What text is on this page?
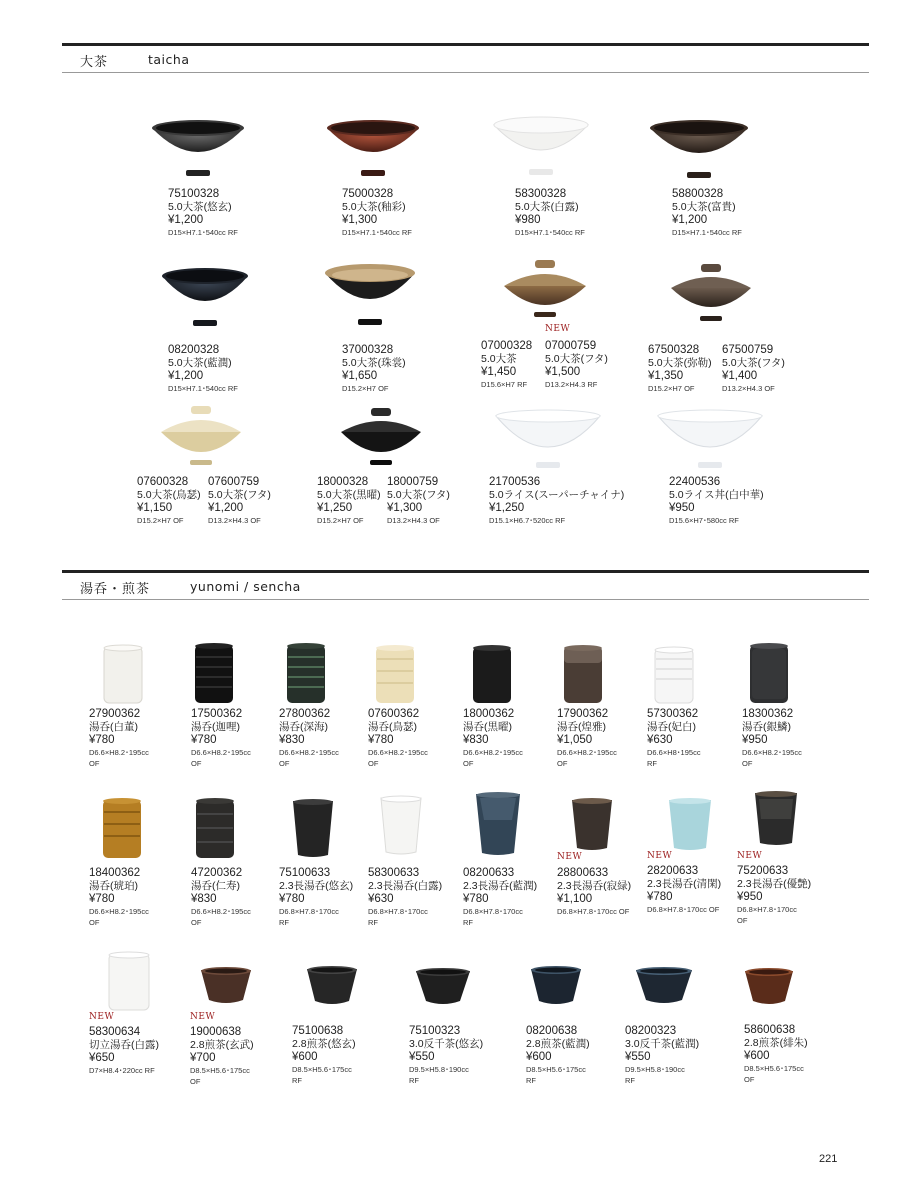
大茶	taicha
湯呑・煎茶	yunomi / sencha
75100328
5.0大茶(悠玄)
¥1,200
D15×H7.1･540cc RF
75000328
5.0大茶(釉彩)
¥1,300
D15×H7.1･540cc RF
58300328
5.0大茶(白露)
¥980
D15×H7.1･540cc RF
58800328
5.0大茶(富貴)
¥1,200
D15×H7.1･540cc RF
08200328
5.0大茶(藍潤)
¥1,200
D15×H7.1･540cc RF
37000328
5.0大茶(珠裳)
¥1,650
D15.2×H7 OF
NEW
07000328
5.0大茶
¥1,450
D15.6×H7 RF
07000759
5.0大茶(フタ)
¥1,500
D13.2×H4.3 RF
67500328
5.0大茶(弥勒)
¥1,350
D15.2×H7 OF
67500759
5.0大茶(フタ)
¥1,400
D13.2×H4.3 OF
07600328
5.0大茶(鳥瑟)
¥1,150
D15.2×H7 OF
07600759
5.0大茶(フタ)
¥1,200
D13.2×H4.3 OF
18000328
5.0大茶(黒曜)
¥1,250
D15.2×H7 OF
18000759
5.0大茶(フタ)
¥1,300
D13.2×H4.3 OF
21700536
5.0ライス(スーパーチャイナ)
¥1,250
D15.1×H6.7･520cc RF
22400536
5.0ライス丼(白中華)
¥950
D15.6×H7･580cc RF
27900362
湯呑(白董)
¥780
D6.6×H8.2･195cc
OF
17500362
湯呑(迦哩)
¥780
D6.6×H8.2･195cc
OF
27800362
湯呑(深海)
¥830
D6.6×H8.2･195cc
OF
07600362
湯呑(鳥瑟)
¥780
D6.6×H8.2･195cc
OF
18000362
湯呑(黒曜)
¥830
D6.6×H8.2･195cc
OF
17900362
湯呑(煌雅)
¥1,050
D6.6×H8.2･195cc
OF
57300362
湯呑(妃白)
¥630
D6.6×H8･195cc
RF
18300362
湯呑(銀鱗)
¥950
D6.6×H8.2･195cc
OF
18400362
湯呑(琥珀)
¥780
D6.6×H8.2･195cc
OF
47200362
湯呑(仁寿)
¥830
D6.6×H8.2･195cc
OF
75100633
2.3長湯呑(悠玄)
¥780
D6.8×H7.8･170cc
RF
58300633
2.3長湯呑(白露)
¥630
D6.8×H7.8･170cc
RF
08200633
2.3長湯呑(藍潤)
¥780
D6.8×H7.8･170cc
RF
NEW
28800633
2.3長湯呑(寂緑)
¥1,100
D6.8×H7.8･170cc OF
NEW
28200633
2.3長湯呑(清閑)
¥780
D6.8×H7.8･170cc OF
NEW
75200633
2.3長湯呑(優艶)
¥950
D6.8×H7.8･170cc
OF
NEW
58300634
切立湯呑(白露)
¥650
D7×H8.4･220cc RF
NEW
19000638
2.8煎茶(玄武)
¥700
D8.5×H5.6･175cc
OF
75100638
2.8煎茶(悠玄)
¥600
D8.5×H5.6･175cc
RF
75100323
3.0反千茶(悠玄)
¥550
D9.5×H5.8･190cc
RF
08200638
2.8煎茶(藍潤)
¥600
D8.5×H5.6･175cc
RF
08200323
3.0反千茶(藍潤)
¥550
D9.5×H5.8･190cc
RF
58600638
2.8煎茶(緋朱)
¥600
D8.5×H5.6･175cc
OF
221
